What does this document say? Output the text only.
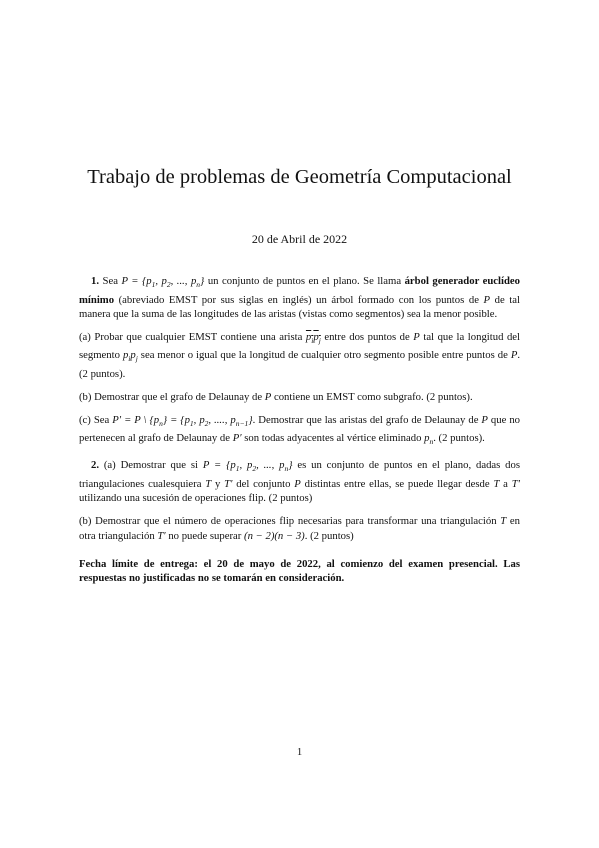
Trabajo de problemas de Geometría Computacional
20 de Abril de 2022

1. Sea $P = \{p_1$, $p_2$, ..., $p_n$} un conjunto de puntos en el plano. Se llama árbol generador euclídeo mínimo (abreviado EMST por sus siglas en inglés) un árbol formado con los puntos de P de tal manera que la suma de las longitudes de las aristas (vistas como segmentos) sea la menor posible.

(a) Probar que cualquier EMST contiene una arista $p_ip_j$ entre dos puntos de P tal que la longitud del segmento $p_ip_j$ sea menor o igual que la longitud de cualquier otro segmento posible entre puntos de P. (2 puntos).

(b) Demostrar que el grafo de Delaunay de P contiene un EMST como subgrafo. (2 puntos).

(c) Sea P′ = P \ $\{p_n\} = \{p_1$, $p_2$, ...., $p_{n-1}$}. Demostrar que las aristas del grafo de Delaunay de P que no pertenecen al grafo de Delaunay de P′ son todas adyacentes al vértice eliminado $p_n$. (2 puntos).

2. (a) Demostrar que si $P = \{p_1$, $p_2$, ..., $p_n$} es un conjunto de puntos en el plano, dadas dos triangulaciones cualesquiera T y T′ del conjunto P distintas entre ellas, se puede llegar desde T a T′ utilizando una sucesión de operaciones flip. (2 puntos)

(b) Demostrar que el número de operaciones flip necesarias para transformar una triangulación T en otra triangulación T′ no puede superar (n − 2)(n − 3). (2 puntos)

Fecha límite de entrega: el 20 de mayo de 2022, al comienzo del examen presencial. Las respuestas no justificadas no se tomarán en consideración.

1
